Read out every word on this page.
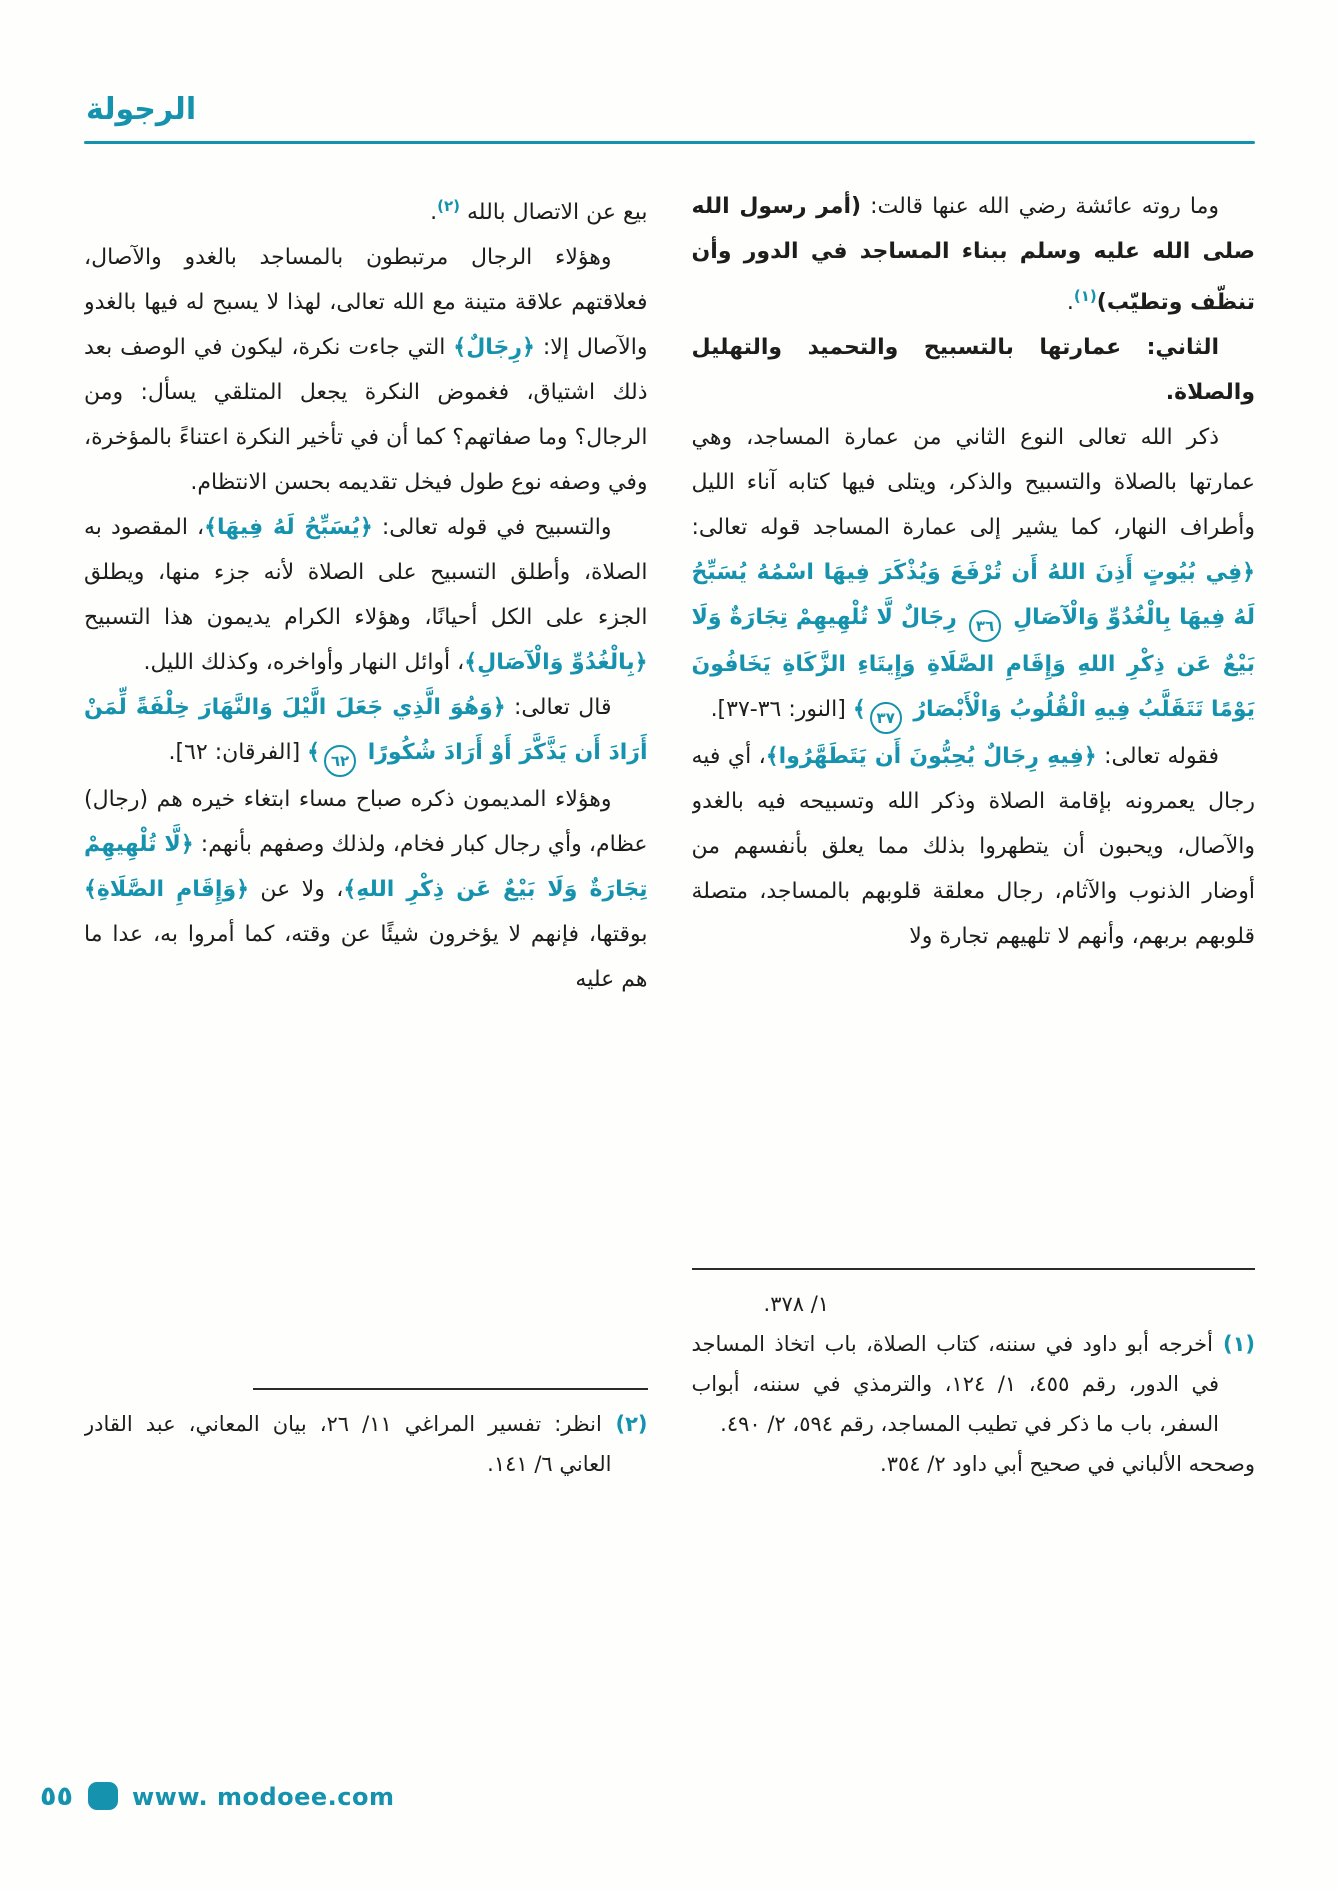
الرجولة

وما روته عائشة رضي الله عنها قالت: (أمر رسول الله صلى الله عليه وسلم ببناء المساجد في الدور وأن تنظّف وتطيّب)$^{(١)}$.

الثاني: عمارتها بالتسبيح والتحميد والتهليل والصلاة.

ذكر الله تعالى النوع الثاني من عمارة المساجد، وهي عمارتها بالصلاة والتسبيح والذكر، ويتلى فيها كتابه آناء الليل وأطراف النهار، كما يشير إلى عمارة المساجد قوله تعالى: ﴿فِي بُيُوتٍ أَذِنَ اللهُ أَن تُرْفَعَ وَيُذْكَرَ فِيهَا اسْمُهُ يُسَبِّحُ لَهُ فِيهَا بِالْغُدُوِّ وَالْآصَالِ ٣٦ رِجَالٌ لَّا تُلْهِيهِمْ تِجَارَةٌ وَلَا بَيْعٌ عَن ذِكْرِ اللهِ وَإِقَامِ الصَّلَاةِ وَإِيتَاءِ الزَّكَاةِ يَخَافُونَ يَوْمًا تَتَقَلَّبُ فِيهِ الْقُلُوبُ وَالْأَبْصَارُ ٣٧﴾ [النور: ٣٦-٣٧].

فقوله تعالى: ﴿فِيهِ رِجَالٌ يُحِبُّونَ أَن يَتَطَهَّرُوا﴾، أي فيه رجال يعمرونه بإقامة الصلاة وذكر الله وتسبيحه فيه بالغدو والآصال، ويحبون أن يتطهروا بذلك مما يعلق بأنفسهم من أوضار الذنوب والآثام، رجال معلقة قلوبهم بالمساجد، متصلة قلوبهم بربهم، وأنهم لا تلهيهم تجارة ولا

١/ ٣٧٨.

(١) أخرجه أبو داود في سننه، كتاب الصلاة، باب اتخاذ المساجد في الدور، رقم ٤٥٥، ١/ ١٢٤، والترمذي في سننه، أبواب السفر، باب ما ذكر في تطيب المساجد، رقم ٥٩٤، ٢/ ٤٩٠.

وصححه الألباني في صحيح أبي داود ٢/ ٣٥٤.

بيع عن الاتصال بالله $^{(٢)}$.

وهؤلاء الرجال مرتبطون بالمساجد بالغدو والآصال، فعلاقتهم علاقة متينة مع الله تعالى، لهذا لا يسبح له فيها بالغدو والآصال إلا: ﴿رِجَالٌ﴾ التي جاءت نكرة، ليكون في الوصف بعد ذلك اشتياق، فغموض النكرة يجعل المتلقي يسأل: ومن الرجال؟ وما صفاتهم؟ كما أن في تأخير النكرة اعتناءً بالمؤخرة، وفي وصفه نوع طول فيخل تقديمه بحسن الانتظام.

والتسبيح في قوله تعالى: ﴿يُسَبِّحُ لَهُ فِيهَا﴾، المقصود به الصلاة، وأطلق التسبيح على الصلاة لأنه جزء منها، ويطلق الجزء على الكل أحيانًا، وهؤلاء الكرام يديمون هذا التسبيح ﴿بِالْغُدُوِّ وَالْآصَالِ﴾، أوائل النهار وأواخره، وكذلك الليل.

قال تعالى: ﴿وَهُوَ الَّذِي جَعَلَ الَّيْلَ وَالنَّهَارَ خِلْفَةً لِّمَنْ أَرَادَ أَن يَذَّكَّرَ أَوْ أَرَادَ شُكُورًا ٦٢﴾ [الفرقان: ٦٢].

وهؤلاء المديمون ذكره صباح مساء ابتغاء خيره هم (رجال) عظام، وأي رجال كبار فخام، ولذلك وصفهم بأنهم: ﴿لَّا تُلْهِيهِمْ تِجَارَةٌ وَلَا بَيْعٌ عَن ذِكْرِ اللهِ﴾، ولا عن ﴿وَإِقَامِ الصَّلَاةِ﴾ بوقتها، فإنهم لا يؤخرون شيئًا عن وقته، كما أمروا به، عدا ما هم عليه

(٢) انظر: تفسير المراغي ١١/ ٢٦، بيان المعاني، عبد القادر العاني ٦/ ١٤١.

٥٥ www. modoee.com
